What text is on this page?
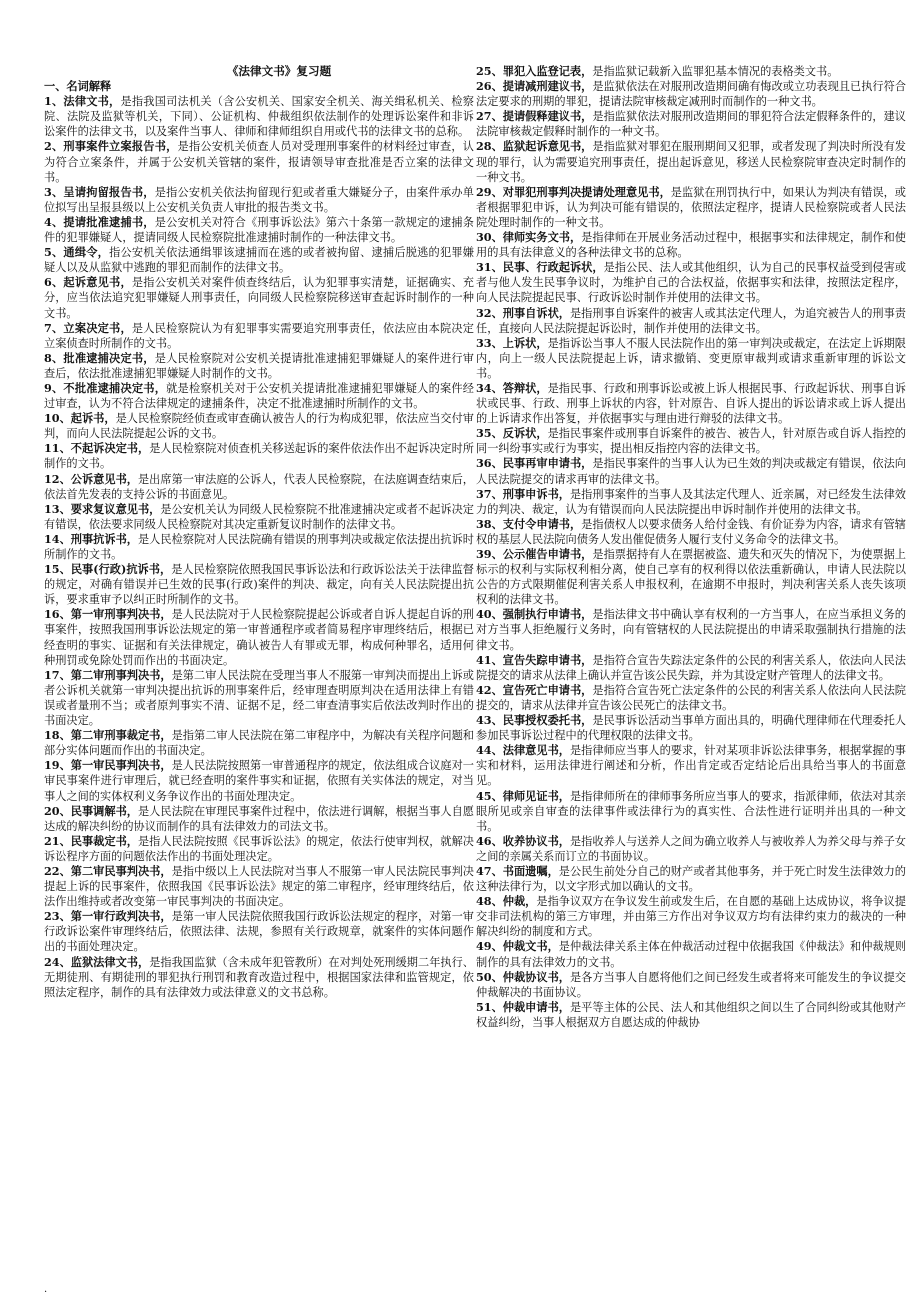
《法律文书》复习题

一、名词解释

1、法律文书，是指我国司法机关（含公安机关、国家安全机关、海关缉私机关、检察院、法院及监狱等机关，下同）、公证机构、仲裁组织依法制作的处理诉讼案件和非诉讼案件的法律文书，以及案件当事人、律师和律师组织自用或代书的法律文书的总称。

2、刑事案件立案报告书，是指公安机关侦查人员对受理刑事案件的材料经过审查，认为符合立案条件，并属于公安机关管辖的案件，报请领导审查批准是否立案的法律文书。

3、呈请拘留报告书，是指公安机关依法拘留现行犯或者重大嫌疑分子，由案件承办单位拟写出呈报县级以上公安机关负责人审批的报告类文书。

4、提请批准逮捕书，是公安机关对符合《刑事诉讼法》第六十条第一款规定的逮捕条件的犯罪嫌疑人，提请同级人民检察院批准逮捕时制作的一种法律文书。

5、通缉令，指公安机关依法通缉罪该逮捕而在逃的或者被拘留、逮捕后脱逃的犯罪嫌疑人以及从监狱中逃跑的罪犯而制作的法律文书。

6、起诉意见书，是指公安机关对案件侦查终结后，认为犯罪事实清楚，证据确实、充分，应当依法追究犯罪嫌疑人刑事责任，向同级人民检察院移送审查起诉时制作的一种文书。

7、立案决定书，是人民检察院认为有犯罪事实需要追究刑事责任，依法应由本院决定立案侦查时所制作的文书。

8、批准逮捕决定书，是人民检察院对公安机关提请批准逮捕犯罪嫌疑人的案件进行审查后，依法批准逮捕犯罪嫌疑人时制作的文书。

9、不批准逮捕决定书，就是检察机关对于公安机关提请批准逮捕犯罪嫌疑人的案件经过审查，认为不符合法律规定的逮捕条件，决定不批准逮捕时所制作的文书。

10、起诉书，是人民检察院经侦查或审查确认被告人的行为构成犯罪，依法应当交付审判，而向人民法院提起公诉的文书。

11、不起诉决定书，是人民检察院对侦查机关移送起诉的案件依法作出不起诉决定时所制作的文书。

12、公诉意见书，是出席第一审法庭的公诉人，代表人民检察院，在法庭调查结束后，依法首先发表的支持公诉的书面意见。

13、要求复议意见书，是公安机关认为同级人民检察院不批准逮捕决定或者不起诉决定有错误，依法要求同级人民检察院对其决定重新复议时制作的法律文书。

14、刑事抗诉书，是人民检察院对人民法院确有错误的刑事判决或裁定依法提出抗诉时所制作的文书。

15、民事(行政)抗诉书，是人民检察院依照我国民事诉讼法和行政诉讼法关于法律监督的规定，对确有错误并已生效的民事(行政)案件的判决、裁定，向有关人民法院提出抗诉，要求重审予以纠正时所制作的文书。

16、第一审刑事判决书，是人民法院对于人民检察院提起公诉或者自诉人提起自诉的刑事案件，按照我国刑事诉讼法规定的第一审普通程序或者简易程序审理终结后，根据已经查明的事实、证据和有关法律规定，确认被告人有罪或无罪，构成何种罪名，适用何种刑罚或免除处罚而作出的书面决定。

17、第二审刑事判决书，是第二审人民法院在受理当事人不服第一审判决而提出上诉或者公诉机关就第一审判决提出抗诉的刑事案件后，经审理查明原判决在适用法律上有错误或者量刑不当；或者原判事实不清、证据不足，经二审查清事实后依法改判时作出的书面决定。

18、第二审刑事裁定书，是指第二审人民法院在第二审程序中，为解决有关程序问题和部分实体问题而作出的书面决定。

19、第一审民事判决书，是人民法院按照第一审普通程序的规定，依法组成合议庭对一审民事案件进行审理后，就已经查明的案件事实和证据，依照有关实体法的规定，对当事人之间的实体权利义务争议作出的书面处理决定。

20、民事调解书，是人民法院在审理民事案件过程中，依法进行调解，根据当事人自愿达成的解决纠纷的协议而制作的具有法律效力的司法文书。

21、民事裁定书，是指人民法院按照《民事诉讼法》的规定，依法行使审判权，就解决诉讼程序方面的问题依法作出的书面处理决定。

22、第二审民事判决书，是指中级以上人民法院对当事人不服第一审人民法院民事判决提起上诉的民事案件，依照我国《民事诉讼法》规定的第二审程序，经审理终结后，依法作出维持或者改变第一审民事判决的书面决定。

23、第一审行政判决书，是第一审人民法院依照我国行政诉讼法规定的程序，对第一审行政诉讼案件审理终结后，依照法律、法规，参照有关行政规章，就案件的实体问题作出的书面处理决定。

24、监狱法律文书，是指我国监狱（含未成年犯管教所）在对判处死刑缓期二年执行、无期徒刑、有期徒刑的罪犯执行刑罚和教育改造过程中，根据国家法律和监管规定，依照法定程序，制作的具有法律效力或法律意义的文书总称。

25、罪犯入监登记表，是指监狱记载新入监罪犯基本情况的表格类文书。

26、提请减刑建议书，是监狱依法在对服刑改造期间确有悔改或立功表现且已执行符合法定要求的刑期的罪犯，提请法院审核裁定减刑时而制作的一种文书。

27、提请假释建议书，是指监狱依法对服刑改造期间的罪犯符合法定假释条件的，建议法院审核裁定假释时制作的一种文书。

28、监狱起诉意见书，是指监狱对罪犯在服刑期间又犯罪，或者发现了判决时所没有发现的罪行，认为需要追究刑事责任，提出起诉意见，移送人民检察院审查决定时制作的一种文书。

29、对罪犯刑事判决提请处理意见书，是监狱在刑罚执行中，如果认为判决有错误，或者根据罪犯申诉，认为判决可能有错误的，依照法定程序，提请人民检察院或者人民法院处理时制作的一种文书。

30、律师实务文书，是指律师在开展业务活动过程中，根据事实和法律规定，制作和使用的具有法律意义的各种法律文书的总称。

31、民事、行政起诉状，是指公民、法人或其他组织，认为自己的民事权益受到侵害或者与他人发生民事争议时，为维护自己的合法权益，依据事实和法律，按照法定程序，向人民法院提起民事、行政诉讼时制作并使用的法律文书。

32、刑事自诉状，是指刑事自诉案件的被害人或其法定代理人，为追究被告人的刑事责任，直接向人民法院提起诉讼时，制作并使用的法律文书。

33、上诉状，是指诉讼当事人不服人民法院作出的第一审判决或裁定，在法定上诉期限内，向上一级人民法院提起上诉，请求撤销、变更原审裁判或请求重新审理的诉讼文书。

34、答辩状，是指民事、行政和刑事诉讼或被上诉人根据民事、行政起诉状、刑事自诉状或民事、行政、刑事上诉状的内容，针对原告、自诉人提出的诉讼请求或上诉人提出的上诉请求作出答复，并依据事实与理由进行辩驳的法律文书。

35、反诉状，是指民事案件或刑事自诉案件的被告、被告人，针对原告或自诉人指控的同一纠纷事实或行为事实，提出相反指控内容的法律文书。

36、民事再审申请书，是指民事案件的当事人认为已生效的判决或裁定有错误，依法向人民法院提交的请求再审的法律文书。

37、刑事申诉书，是指刑事案件的当事人及其法定代理人、近亲属，对已经发生法律效力的判决、裁定，认为有错误而向人民法院提出申诉时制作并使用的法律文书。

38、支付令申请书，是指债权人以要求债务人给付金钱、有价证券为内容，请求有管辖权的基层人民法院向债务人发出催促债务人履行支付义务命令的法律文书。

39、公示催告申请书，是指票据持有人在票据被盗、遗失和灭失的情况下，为使票据上标示的权利与实际权利相分离，使自己享有的权利得以依法重新确认，申请人民法院以公告的方式限期催促利害关系人申报权利，在逾期不申报时，判决利害关系人丧失该项权利的法律文书。

40、强制执行申请书，是指法律文书中确认享有权利的一方当事人，在应当承担义务的对方当事人拒绝履行义务时，向有管辖权的人民法院提出的申请采取强制执行措施的法律文书。

41、宣告失踪申请书，是指符合宣告失踪法定条件的公民的利害关系人，依法向人民法院提交的请求从法律上确认并宣告该公民失踪，并为其设定财产管理人的法律文书。

42、宣告死亡申请书，是指符合宣告死亡法定条件的公民的利害关系人依法向人民法院提交的，请求从法律并宣告该公民死亡的法律文书。

43、民事授权委托书，是民事诉讼活动当事单方面出具的，明确代理律师在代理委托人参加民事诉讼过程中的代理权限的法律文书。

44、法律意见书，是指律师应当事人的要求，针对某项非诉讼法律事务，根据掌握的事实和材料，运用法律进行阐述和分析，作出肯定或否定结论后出具给当事人的书面意见。

45、律师见证书，是指律师所在的律师事务所应当事人的要求，指派律师，依法对其亲眼所见或亲自审查的法律事件或法律行为的真实性、合法性进行证明并出具的一种文书。

46、收养协议书，是指收养人与送养人之间为确立收养人与被收养人为养父母与养子女之间的亲属关系而订立的书面协议。

47、书面遗嘱，是公民生前处分自己的财产或者其他事务，并于死亡时发生法律效力的这种法律行为，以文字形式加以确认的文书。

48、仲裁，是指争议双方在争议发生前或发生后，在自愿的基础上达成协议，将争议提交非司法机构的第三方审理，并由第三方作出对争议双方均有法律约束力的裁决的一种解决纠纷的制度和方式。

49、仲裁文书，是仲裁法律关系主体在仲裁活动过程中依据我国《仲裁法》和仲裁规则制作的具有法律效力的文书。

50、仲裁协议书，是各方当事人自愿将他们之间已经发生或者将来可能发生的争议提交仲裁解决的书面协议。

51、仲裁申请书，是平等主体的公民、法人和其他组织之间以生了合同纠纷或其他财产权益纠纷，当事人根据双方自愿达成的仲裁协

.
